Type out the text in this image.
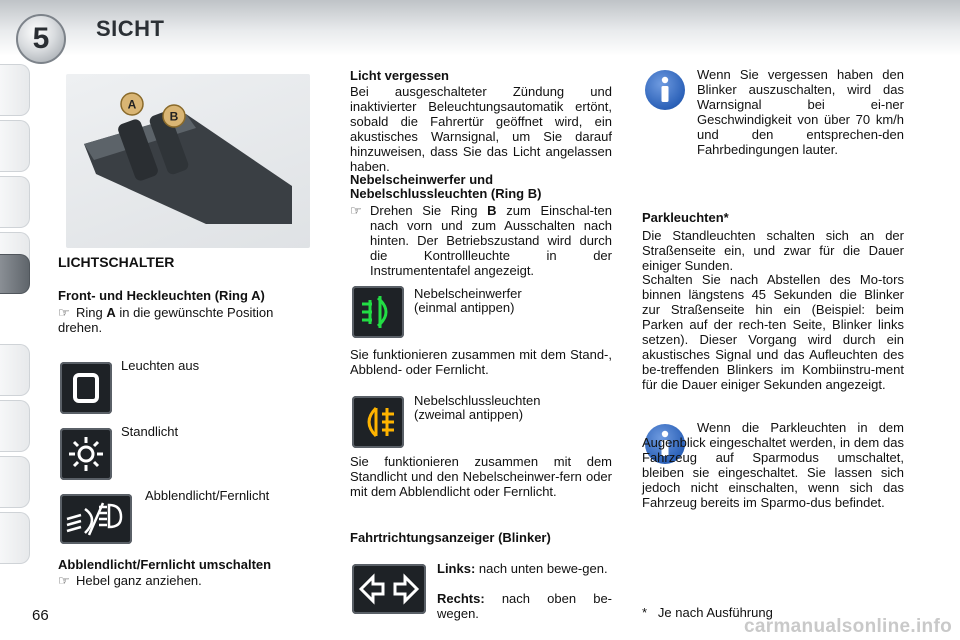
5 SICHT
A
B
LICHTSCHALTER
Front- und Heckleuchten (Ring A)
☞ Ring A in die gewünschte Position drehen.
Leuchten aus
Standlicht
Abblendlicht/Fernlicht
Abblendlicht/Fernlicht umschalten
☞ Hebel ganz anziehen.
66
Licht vergessen
Bei ausgeschalteter Zündung und inaktivierter Beleuchtungsautomatik ertönt, sobald die Fahrertür geöffnet wird, ein akustisches Warnsignal, um Sie darauf hinzuweisen, dass Sie das Licht angelassen haben.
Nebelscheinwerfer und
Nebelschlussleuchten (Ring B)
☞ Drehen Sie Ring B zum Einschal-ten nach vorn und zum Ausschalten nach hinten. Der Betriebszustand wird durch die Kontrollleuchte in der Instrumententafel angezeigt.
Nebelscheinwerfer
(einmal antippen)
Sie funktionieren zusammen mit dem Stand-, Abblend- oder Fernlicht.
Nebelschlussleuchten
(zweimal antippen)
Sie funktionieren zusammen mit dem Standlicht und den Nebelscheinwer-fern oder mit dem Abblendlicht oder Fernlicht.
Fahrtrichtungsanzeiger (Blinker)
Links: nach unten bewe-gen.
Rechts: nach oben be-wegen.
Wenn Sie vergessen haben den Blinker auszuschalten, wird das Warnsignal bei ei-ner Geschwindigkeit von über 70 km/h und den entsprechen-den Fahrbedingungen lauter.
Parkleuchten*
Die Standleuchten schalten sich an der Straßenseite ein, und zwar für die Dauer einiger Sunden.
Schalten Sie nach Abstellen des Mo-tors binnen längstens 45 Sekunden die Blinker zur Straßenseite hin ein (Beispiel: beim Parken auf der rech-ten Seite, Blinker links setzen). Dieser Vorgang wird durch ein akustisches Signal und das Aufleuchten des be-treffenden Blinkers im Kombiinstru-ment für die Dauer einiger Sekunden angezeigt.
Wenn die Parkleuchten in dem Augenblick eingeschaltet werden, in dem das Fahrzeug auf Sparmodus umschaltet, bleiben sie eingeschaltet. Sie lassen sich jedoch nicht einschalten, wenn sich das Fahrzeug bereits im Sparmo-dus befindet.
*   Je nach Ausführung
carmanualsonline.info
